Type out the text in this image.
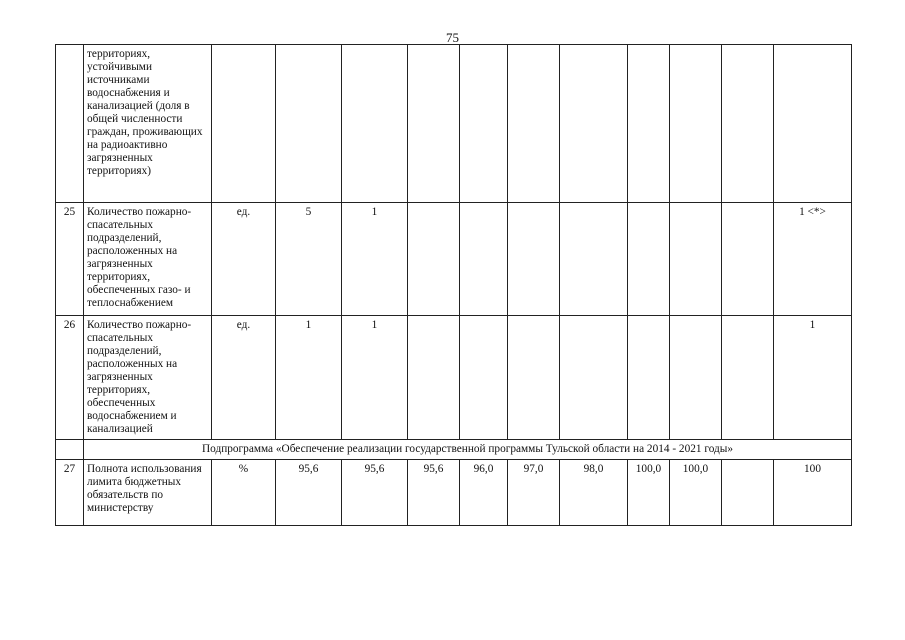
75
	территориях, устойчивыми источниками водоснабжения и канализацией (доля в общей численности граждан, проживающих на радиоактивно загрязненных территориях)											
25	Количество пожарно-спасательных подразделений, расположенных на загрязненных территориях, обеспеченных газо- и теплоснабжением	ед.	5	1								1 <*>
26	Количество пожарно-спасательных подразделений, расположенных на загрязненных территориях, обеспеченных водоснабжением и канализацией	ед.	1	1								1
	Подпрограмма «Обеспечение реализации государственной программы Тульской области на 2014 - 2021 годы»											
27	Полнота использования лимита бюджетных обязательств по министерству	%	95,6	95,6	95,6	96,0	97,0	98,0	100,0	100,0		100
